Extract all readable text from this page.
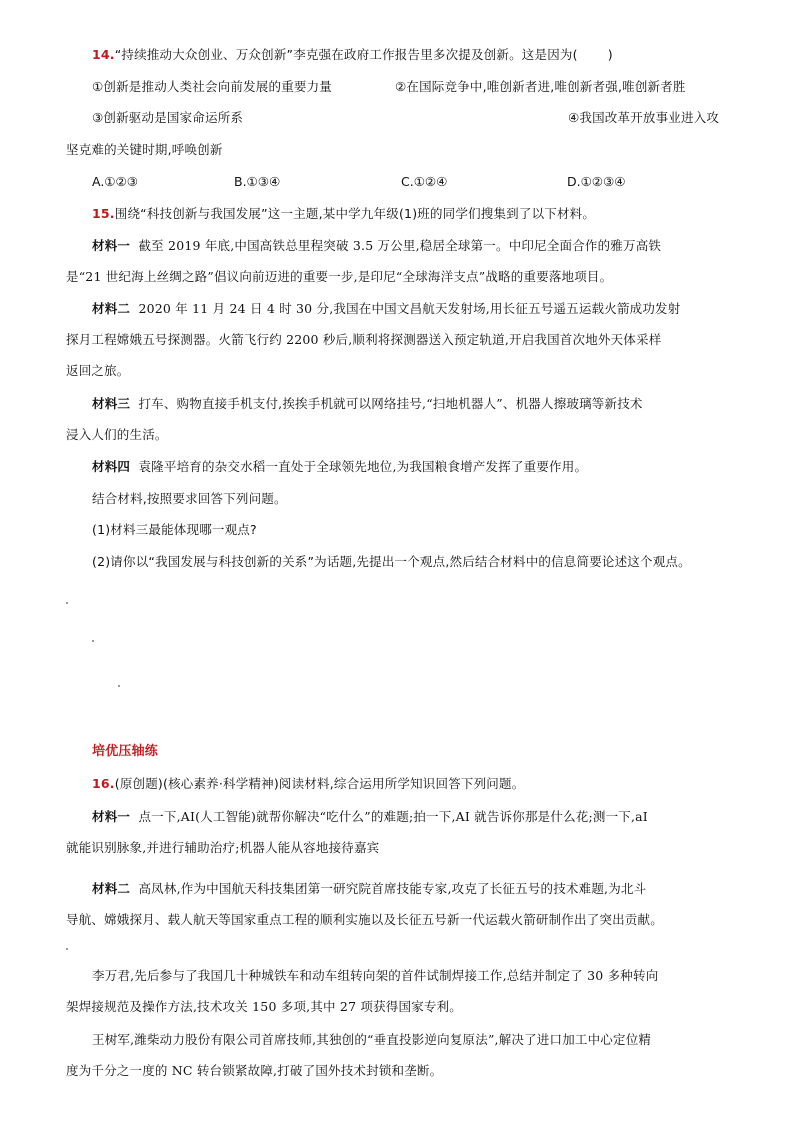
14.“持续推动大众创业、万众创新”李克强在政府工作报告里多次提及创新。这是因为( )
①创新是推动人类社会向前发展的重要力量	②在国际竞争中,唯创新者进,唯创新者强,唯创新者胜
③创新驱动是国家命运所系	④我国改革开放事业进入攻
坚克难的关键时期,呼唤创新
A.①②③	B.①③④	C.①②④	D.①②③④
15.围绕“科技创新与我国发展”这一主题,某中学九年级(1)班的同学们搜集到了以下材料。
材料一 截至 2019 年底,中国高铁总里程突破 3.5 万公里,稳居全球第一。中印尼全面合作的雅万高铁
是“21 世纪海上丝绸之路”倡议向前迈进的重要一步,是印尼“全球海洋支点”战略的重要落地项目。
材料二 2020 年 11 月 24 日 4 时 30 分,我国在中国文昌航天发射场,用长征五号遥五运载火箭成功发射
探月工程嫦娥五号探测器。火箭飞行约 2200 秒后,顺利将探测器送入预定轨道,开启我国首次地外天体采样
返回之旅。
材料三 打车、购物直接手机支付,挨挨手机就可以网络挂号,“扫地机器人”、机器人擦玻璃等新技术
浸入人们的生活。
材料四 袁隆平培育的杂交水稻一直处于全球领先地位,为我国粮食增产发挥了重要作用。
结合材料,按照要求回答下列问题。
(1)材料三最能体现哪一观点?
(2)请你以“我国发展与科技创新的关系”为话题,先提出一个观点,然后结合材料中的信息简要论述这个观点。
培优压轴练
16.(原创题)(核心素养·科学精神)阅读材料,综合运用所学知识回答下列问题。
材料一 点一下,AI(人工智能)就帮你解决“吃什么”的难题;拍一下,AI 就告诉你那是什么花;测一下,aI
就能识别脉象,并进行辅助治疗;机器人能从容地接待嘉宾
材料二 高凤林,作为中国航天科技集团第一研究院首席技能专家,攻克了长征五号的技术难题,为北斗
导航、嫦娥探月、载人航天等国家重点工程的顺利实施以及长征五号新一代运载火箭研制作出了突出贡献。
李万君,先后参与了我国几十种城铁车和动车组转向架的首件试制焊接工作,总结并制定了 30 多种转向
架焊接规范及操作方法,技术攻关 150 多项,其中 27 项获得国家专利。
王树军,潍柴动力股份有限公司首席技师,其独创的“垂直投影逆向复原法”,解决了进口加工中心定位精
度为千分之一度的 NC 转台锁紧故障,打破了国外技术封锁和垄断。
